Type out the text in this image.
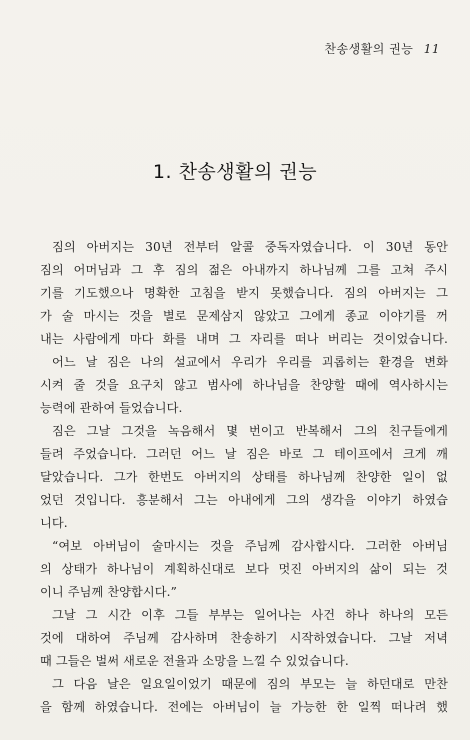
찬송생활의 권능 11
1. 찬송생활의 권능
짐의 아버지는 30년 전부터 알콜 중독자였습니다. 이 30년 동안
짐의 어머님과 그 후 짐의 젊은 아내까지 하나님께 그를 고쳐 주시
기를 기도했으나 명확한 고침을 받지 못했습니다. 짐의 아버지는 그
가 술 마시는 것을 별로 문제삼지 않았고 그에게 종교 이야기를 꺼
내는 사람에게 마다 화를 내며 그 자리를 떠나 버리는 것이었습니다.
어느 날 짐은 나의 설교에서 우리가 우리를 괴롭히는 환경을 변화
시켜 줄 것을 요구치 않고 범사에 하나님을 찬양할 때에 역사하시는
능력에 관하여 들었습니다.
짐은 그날 그것을 녹음해서 몇 번이고 반복해서 그의 친구들에게
들려 주었습니다. 그러던 어느 날 짐은 바로 그 테이프에서 크게 깨
달았습니다. 그가 한번도 아버지의 상태를 하나님께 찬양한 일이 없
었던 것입니다. 흥분해서 그는 아내에게 그의 생각을 이야기 하였습
니다.
“여보 아버님이 술마시는 것을 주님께 감사합시다. 그러한 아버님
의 상태가 하나님이 계획하신대로 보다 멋진 아버지의 삶이 되는 것
이니 주님께 찬양합시다.”
그날 그 시간 이후 그들 부부는 일어나는 사건 하나 하나의 모든
것에 대하여 주님께 감사하며 찬송하기 시작하였습니다. 그날 저녁
때 그들은 벌써 새로운 전율과 소망을 느낄 수 있었습니다.
그 다음 날은 일요일이었기 때문에 짐의 부모는 늘 하던대로 만찬
을 함께 하였습니다. 전에는 아버님이 늘 가능한 한 일찍 떠나려 했
